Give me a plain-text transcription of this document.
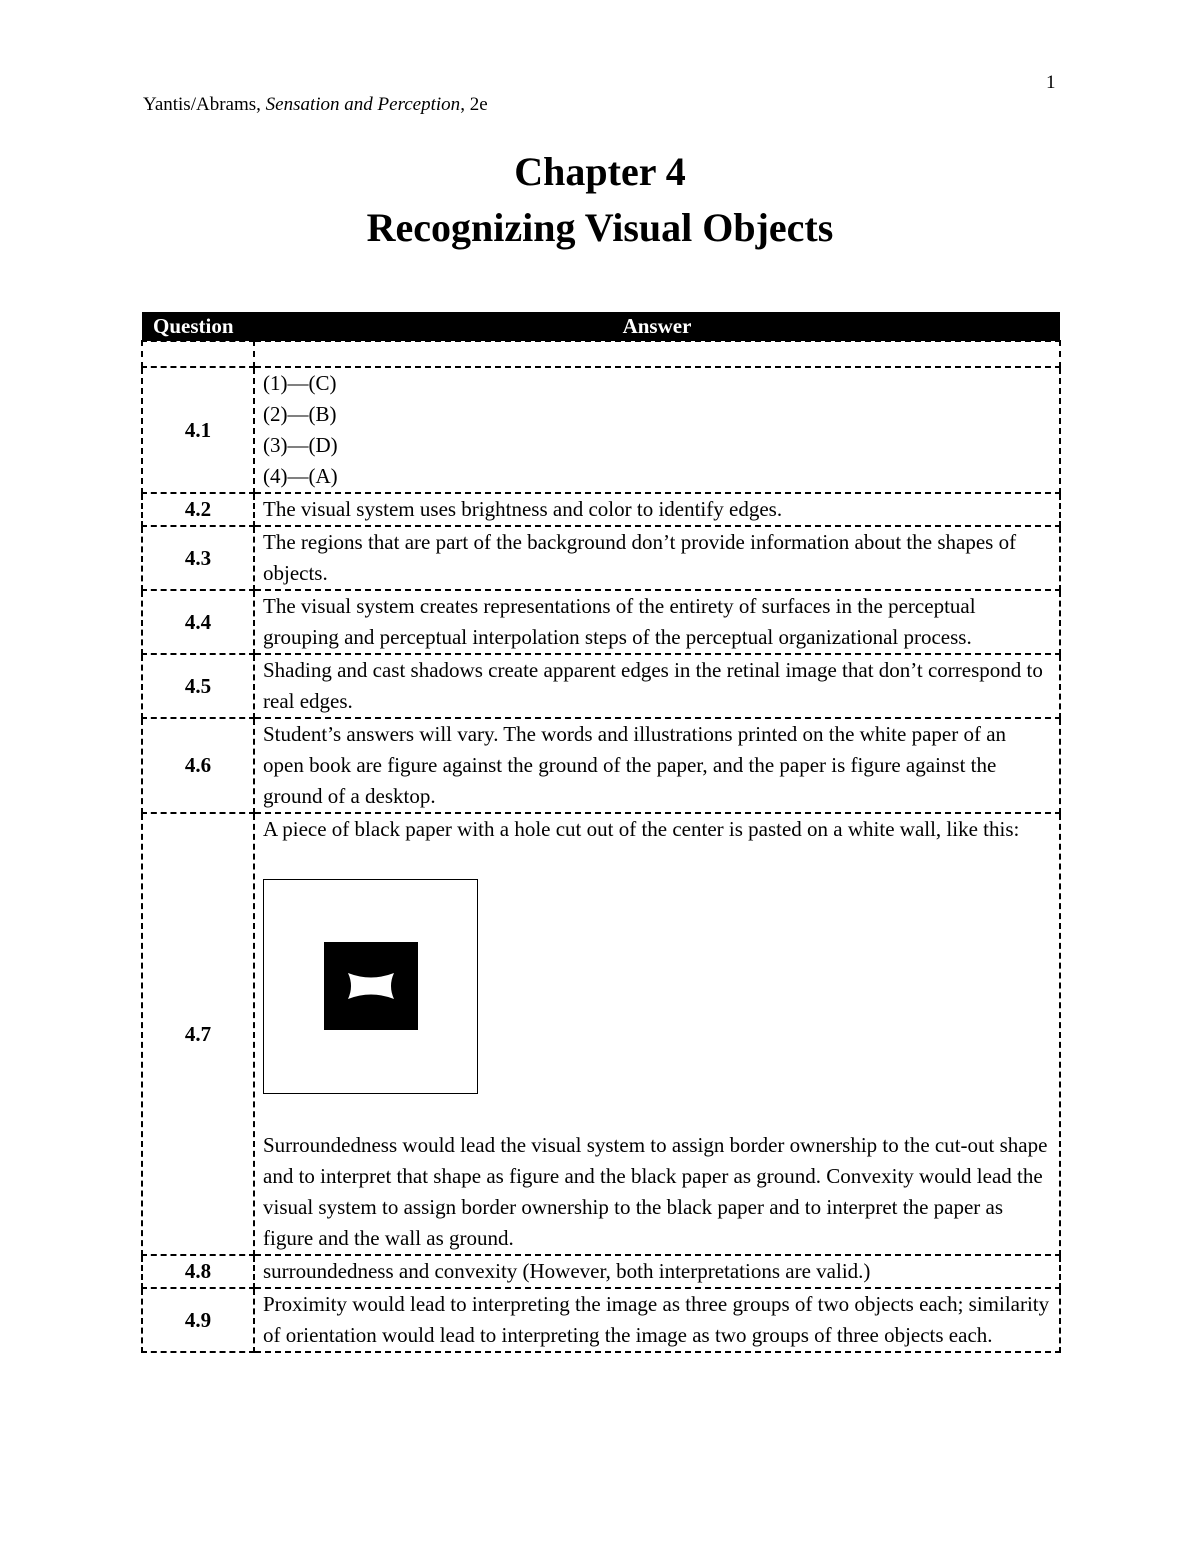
1
Yantis/Abrams, Sensation and Perception, 2e
Chapter 4
Recognizing Visual Objects
Question	Answer

4.1	(1)—(C)
(2)—(B)
(3)—(D)
(4)—(A)

4.2	The visual system uses brightness and color to identify edges.
4.3	The regions that are part of the background don’t provide information about the shapes of objects.
4.4	The visual system creates representations of the entirety of surfaces in the perceptual grouping and perceptual interpolation steps of the perceptual organizational process.
4.5	Shading and cast shadows create apparent edges in the retinal image that don’t correspond to real edges.
4.6	Student’s answers will vary. The words and illustrations printed on the white paper of an open book are figure against the ground of the paper, and the paper is figure against the ground of a desktop.
4.7	A piece of black paper with a hole cut out of the center is pasted on a white wall, like this:
Surroundedness would lead the visual system to assign border ownership to the cut-out shape and to interpret that shape as figure and the black paper as ground. Convexity would lead the visual system to assign border ownership to the black paper and to interpret the paper as figure and the wall as ground.

4.8	surroundedness and convexity (However, both interpretations are valid.)
4.9	Proximity would lead to interpreting the image as three groups of two objects each; similarity of orientation would lead to interpreting the image as two groups of three objects each.
